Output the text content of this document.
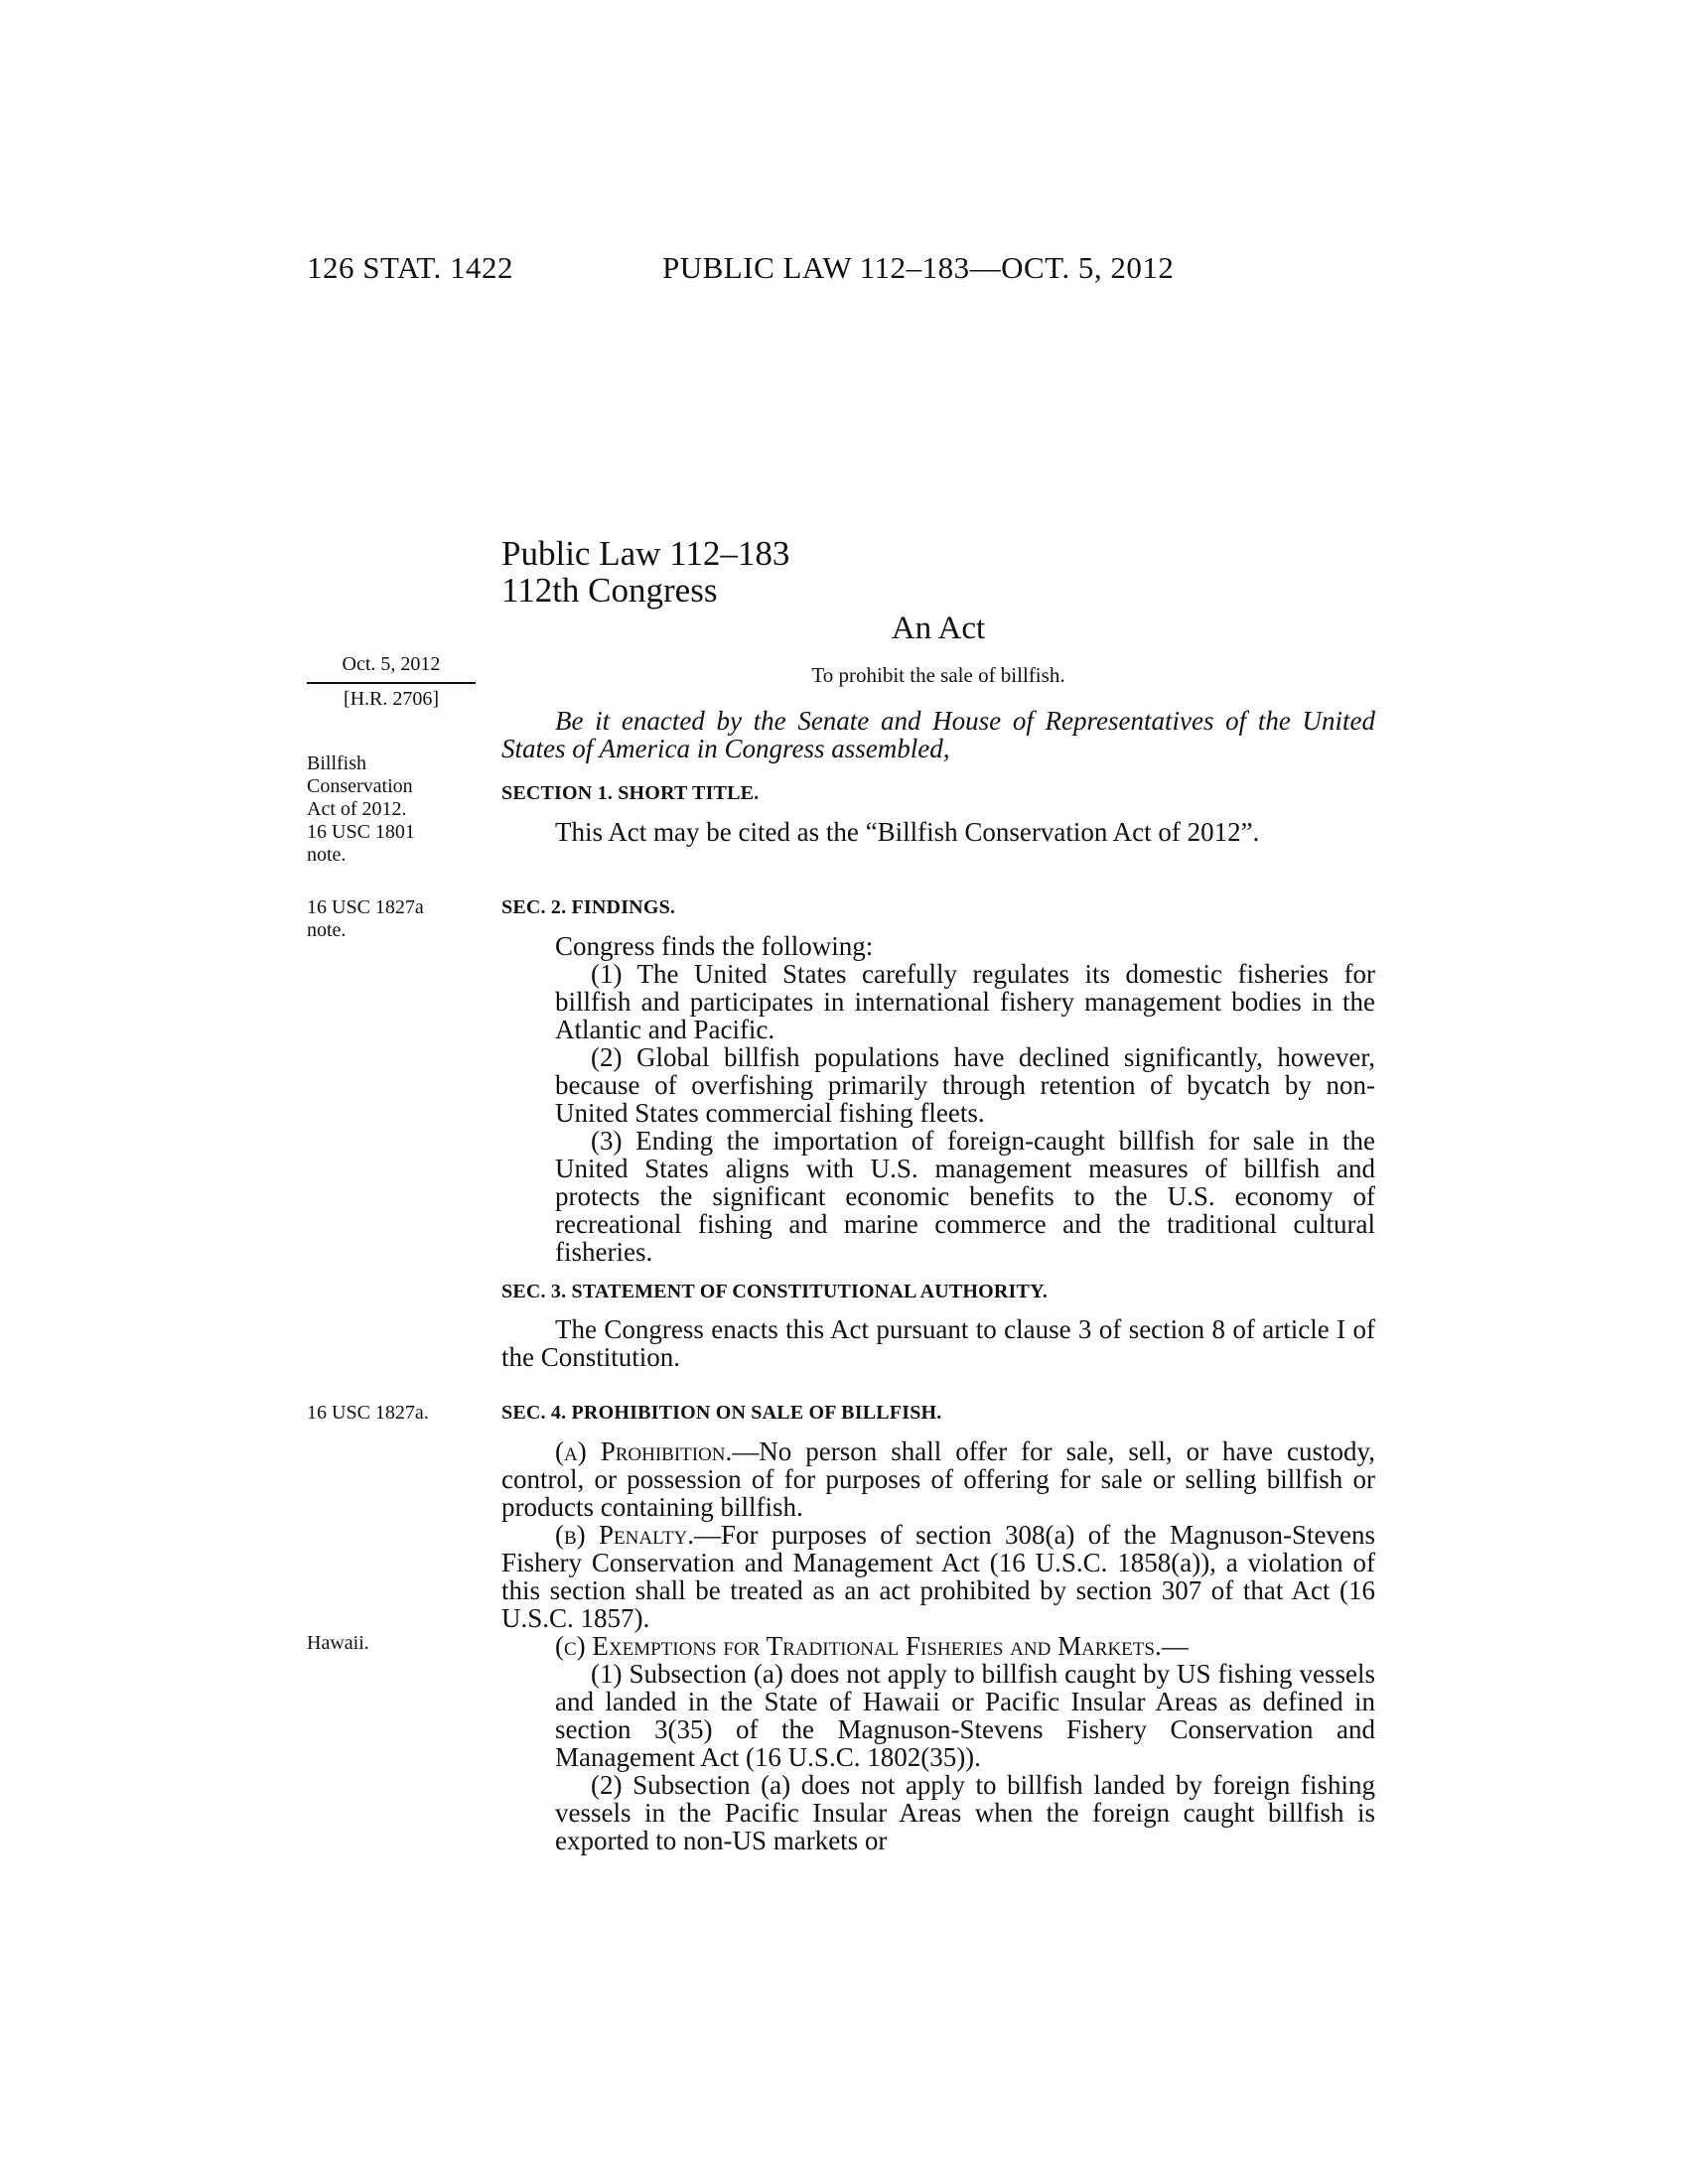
126 STAT. 1422	PUBLIC LAW 112–183—OCT. 5, 2012
Public Law 112–183
112th Congress
An Act
To prohibit the sale of billfish.
Oct. 5, 2012
[H.R. 2706]
Billfish
Conservation
Act of 2012.
16 USC 1801
note.
16 USC 1827a
note.
16 USC 1827a.
Hawaii.

Be it enacted by the Senate and House of Representatives of the United States of America in Congress assembled,

SECTION 1. SHORT TITLE.

This Act may be cited as the “Billfish Conservation Act of 2012”.

SEC. 2. FINDINGS.

Congress finds the following:

(1) The United States carefully regulates its domestic fisheries for billfish and participates in international fishery management bodies in the Atlantic and Pacific.

(2) Global billfish populations have declined significantly, however, because of overfishing primarily through retention of bycatch by non-United States commercial fishing fleets.

(3) Ending the importation of foreign-caught billfish for sale in the United States aligns with U.S. management measures of billfish and protects the significant economic benefits to the U.S. economy of recreational fishing and marine commerce and the traditional cultural fisheries.

SEC. 3. STATEMENT OF CONSTITUTIONAL AUTHORITY.

The Congress enacts this Act pursuant to clause 3 of section 8 of article I of the Constitution.

SEC. 4. PROHIBITION ON SALE OF BILLFISH.

(a) Prohibition.—No person shall offer for sale, sell, or have custody, control, or possession of for purposes of offering for sale or selling billfish or products containing billfish.

(b) Penalty.—For purposes of section 308(a) of the Magnuson-Stevens Fishery Conservation and Management Act (16 U.S.C. 1858(a)), a violation of this section shall be treated as an act prohibited by section 307 of that Act (16 U.S.C. 1857).

(c) Exemptions for Traditional Fisheries and Markets.—

(1) Subsection (a) does not apply to billfish caught by US fishing vessels and landed in the State of Hawaii or Pacific Insular Areas as defined in section 3(35) of the Magnuson-Stevens Fishery Conservation and Management Act (16 U.S.C. 1802(35)).

(2) Subsection (a) does not apply to billfish landed by foreign fishing vessels in the Pacific Insular Areas when the foreign caught billfish is exported to non-US markets or
